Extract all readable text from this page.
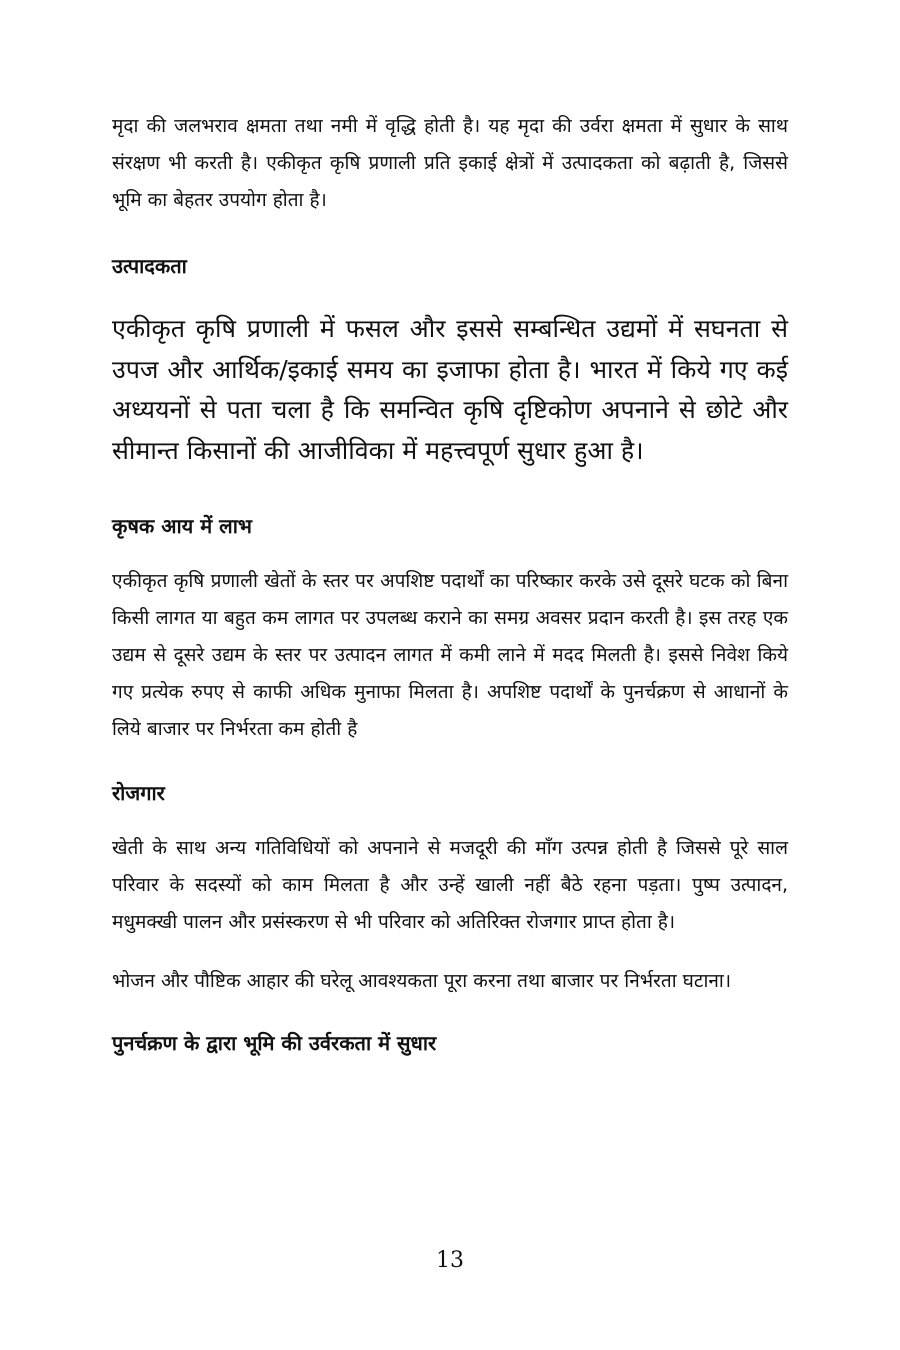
मृदा की जलभराव क्षमता तथा नमी में वृद्धि होती है। यह मृदा की उर्वरा क्षमता में सुधार के साथ संरक्षण भी करती है। एकीकृत कृषि प्रणाली प्रति इकाई क्षेत्रों में उत्पादकता को बढ़ाती है, जिससे भूमि का बेहतर उपयोग होता है।

उत्पादकता

एकीकृत कृषि प्रणाली में फसल और इससे सम्बन्धित उद्यमों में सघनता से उपज और आर्थिक/इकाई समय का इजाफा होता है। भारत में किये गए कई अध्ययनों से पता चला है कि समन्वित कृषि दृष्टिकोण अपनाने से छोटे और सीमान्त किसानों की आजीविका में महत्त्वपूर्ण सुधार हुआ है।

कृषक आय में लाभ

एकीकृत कृषि प्रणाली खेतों के स्तर पर अपशिष्ट पदार्थों का परिष्कार करके उसे दूसरे घटक को बिना किसी लागत या बहुत कम लागत पर उपलब्ध कराने का समग्र अवसर प्रदान करती है। इस तरह एक उद्यम से दूसरे उद्यम के स्तर पर उत्पादन लागत में कमी लाने में मदद मिलती है। इससे निवेश किये गए प्रत्येक रुपए से काफी अधिक मुनाफा मिलता है। अपशिष्ट पदार्थों के पुनर्चक्रण से आधानों के लिये बाजार पर निर्भरता कम होती है

रोजगार

खेती के साथ अन्य गतिविधियों को अपनाने से मजदूरी की माँग उत्पन्न होती है जिससे पूरे साल परिवार के सदस्यों को काम मिलता है और उन्हें खाली नहीं बैठे रहना पड़ता। पुष्प उत्पादन, मधुमक्खी पालन और प्रसंस्करण से भी परिवार को अतिरिक्त रोजगार प्राप्त होता है।

भोजन और पौष्टिक आहार की घरेलू आवश्यकता पूरा करना तथा बाजार पर निर्भरता घटाना।

पुनर्चक्रण के द्वारा भूमि की उर्वरकता में सुधार
13
